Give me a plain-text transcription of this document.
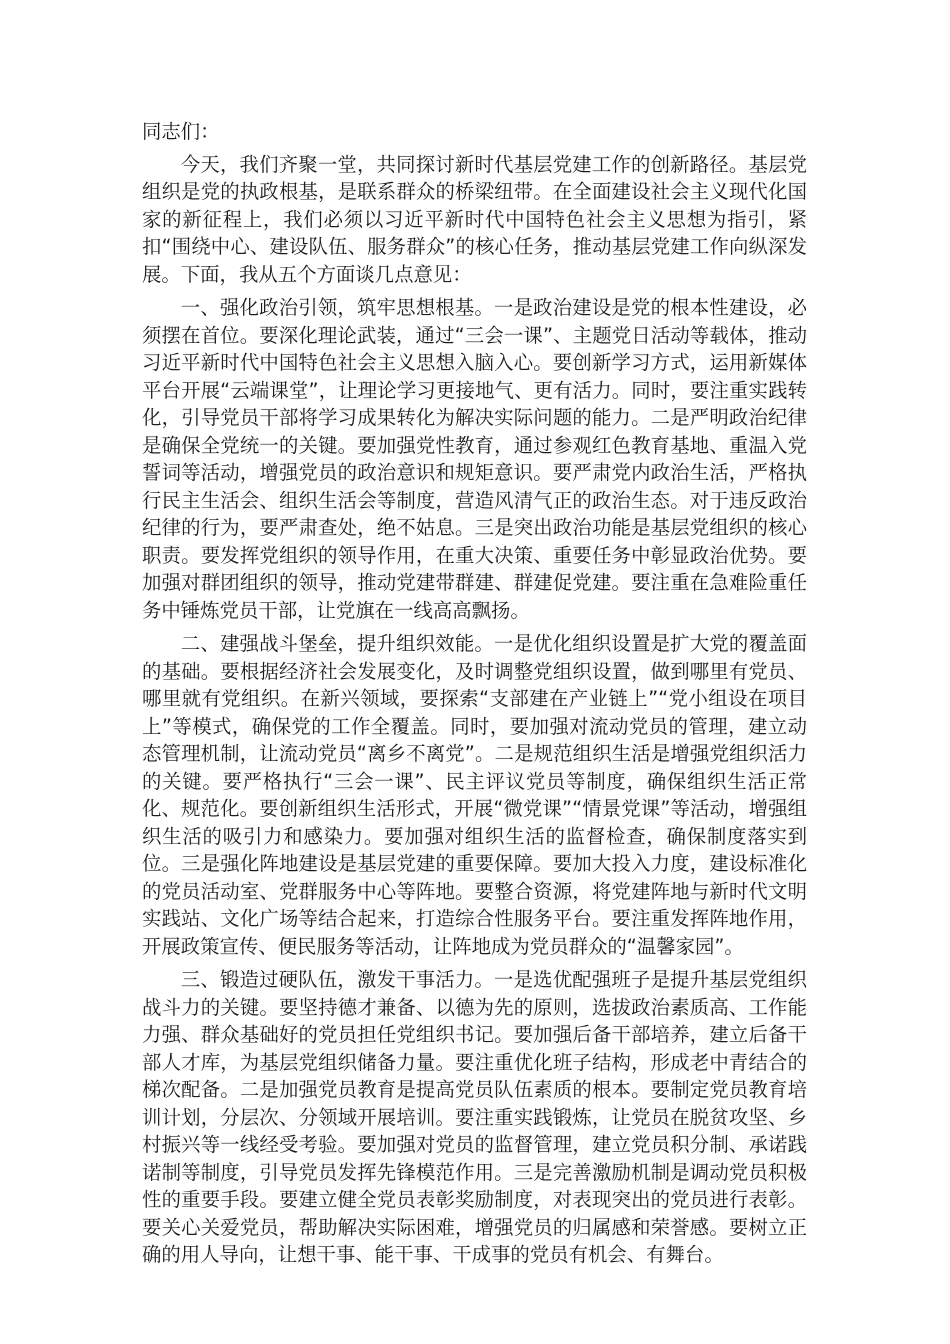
同志们：

今天，我们齐聚一堂，共同探讨新时代基层党建工作的创新路径。基层党组织是党的执政根基，是联系群众的桥梁纽带。在全面建设社会主义现代化国家的新征程上，我们必须以习近平新时代中国特色社会主义思想为指引，紧扣“围绕中心、建设队伍、服务群众”的核心任务，推动基层党建工作向纵深发展。下面，我从五个方面谈几点意见：

一、强化政治引领，筑牢思想根基。一是政治建设是党的根本性建设，必须摆在首位。要深化理论武装，通过“三会一课”、主题党日活动等载体，推动习近平新时代中国特色社会主义思想入脑入心。要创新学习方式，运用新媒体平台开展“云端课堂”，让理论学习更接地气、更有活力。同时，要注重实践转化，引导党员干部将学习成果转化为解决实际问题的能力。二是严明政治纪律是确保全党统一的关键。要加强党性教育，通过参观红色教育基地、重温入党誓词等活动，增强党员的政治意识和规矩意识。要严肃党内政治生活，严格执行民主生活会、组织生活会等制度，营造风清气正的政治生态。对于违反政治纪律的行为，要严肃查处，绝不姑息。三是突出政治功能是基层党组织的核心职责。要发挥党组织的领导作用，在重大决策、重要任务中彰显政治优势。要加强对群团组织的领导，推动党建带群建、群建促党建。要注重在急难险重任务中锤炼党员干部，让党旗在一线高高飘扬。

二、建强战斗堡垒，提升组织效能。一是优化组织设置是扩大党的覆盖面的基础。要根据经济社会发展变化，及时调整党组织设置，做到哪里有党员、哪里就有党组织。在新兴领域，要探索“支部建在产业链上”“党小组设在项目上”等模式，确保党的工作全覆盖。同时，要加强对流动党员的管理，建立动态管理机制，让流动党员“离乡不离党”。二是规范组织生活是增强党组织活力的关键。要严格执行“三会一课”、民主评议党员等制度，确保组织生活正常化、规范化。要创新组织生活形式，开展“微党课”“情景党课”等活动，增强组织生活的吸引力和感染力。要加强对组织生活的监督检查，确保制度落实到位。三是强化阵地建设是基层党建的重要保障。要加大投入力度，建设标准化的党员活动室、党群服务中心等阵地。要整合资源，将党建阵地与新时代文明实践站、文化广场等结合起来，打造综合性服务平台。要注重发挥阵地作用，开展政策宣传、便民服务等活动，让阵地成为党员群众的“温馨家园”。

三、锻造过硬队伍，激发干事活力。一是选优配强班子是提升基层党组织战斗力的关键。要坚持德才兼备、以德为先的原则，选拔政治素质高、工作能力强、群众基础好的党员担任党组织书记。要加强后备干部培养，建立后备干部人才库，为基层党组织储备力量。要注重优化班子结构，形成老中青结合的梯次配备。二是加强党员教育是提高党员队伍素质的根本。要制定党员教育培训计划，分层次、分领域开展培训。要注重实践锻炼，让党员在脱贫攻坚、乡村振兴等一线经受考验。要加强对党员的监督管理，建立党员积分制、承诺践诺制等制度，引导党员发挥先锋模范作用。三是完善激励机制是调动党员积极性的重要手段。要建立健全党员表彰奖励制度，对表现突出的党员进行表彰。要关心关爱党员，帮助解决实际困难，增强党员的归属感和荣誉感。要树立正确的用人导向，让想干事、能干事、干成事的党员有机会、有舞台。
